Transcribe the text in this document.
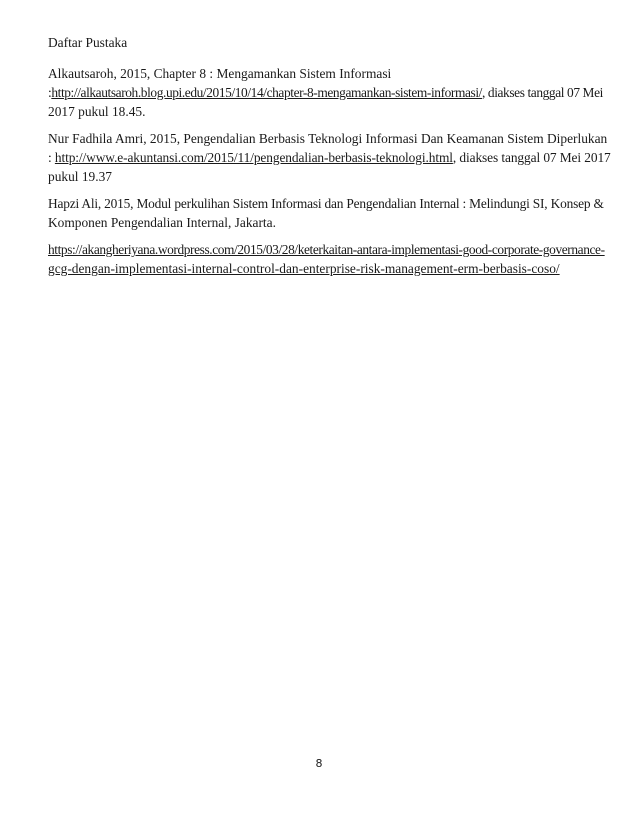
Daftar Pustaka

Alkautsaroh, 2015, Chapter 8 : Mengamankan Sistem Informasi
:http://alkautsaroh.blog.upi.edu/2015/10/14/chapter-8-mengamankan-sistem-informasi/, diakses tanggal 07 Mei
2017 pukul 18.45.

Nur Fadhila Amri, 2015, Pengendalian Berbasis Teknologi Informasi Dan Keamanan Sistem Diperlukan
: http://www.e-akuntansi.com/2015/11/pengendalian-berbasis-teknologi.html, diakses tanggal 07 Mei 2017
pukul 19.37

Hapzi Ali, 2015, Modul perkulihan Sistem Informasi dan Pengendalian Internal : Melindungi SI, Konsep &
Komponen Pengendalian Internal, Jakarta.

https://akangheriyana.wordpress.com/2015/03/28/keterkaitan-antara-implementasi-good-corporate-governance-
gcg-dengan-implementasi-internal-control-dan-enterprise-risk-management-erm-berbasis-coso/

8
